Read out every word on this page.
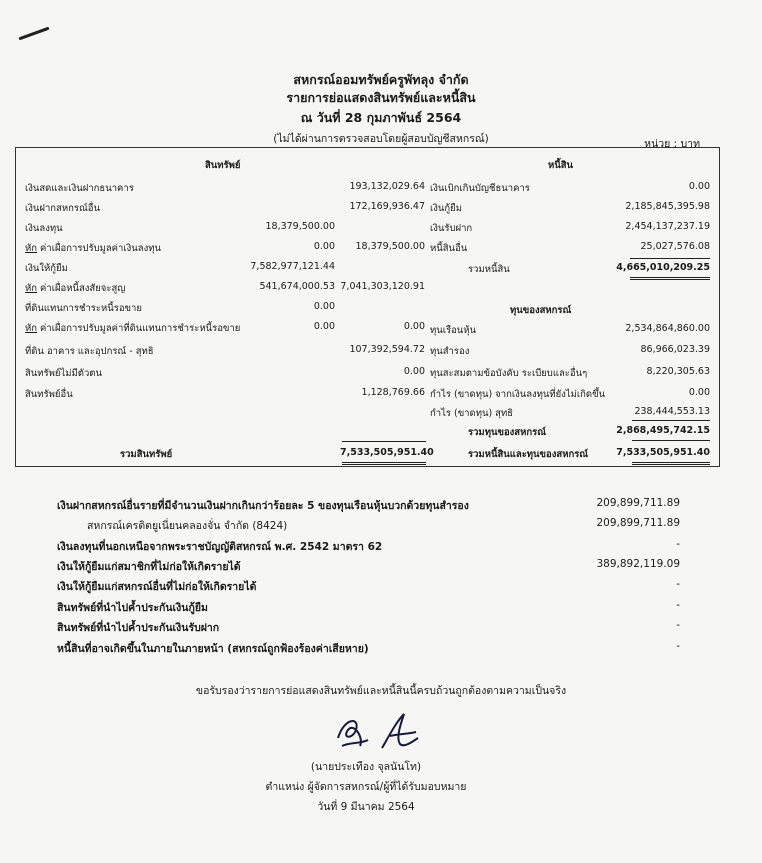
สหกรณ์ออมทรัพย์ครูพัทลุง จำกัด
รายการย่อแสดงสินทรัพย์และหนี้สิน
ณ วันที่ 28 กุมภาพันธ์ 2564
(ไม่ได้ผ่านการตรวจสอบโดยผู้สอบบัญชีสหกรณ์)	หน่วย : บาท
สินทรัพย์	หนี้สิน
เงินสดและเงินฝากธนาคาร	193,132,029.64
เงินฝากสหกรณ์อื่น	172,169,936.47
เงินลงทุน	18,379,500.00
หัก ค่าเผื่อการปรับมูลค่าเงินลงทุน	0.00	18,379,500.00
เงินให้กู้ยืม	7,582,977,121.44
หัก ค่าเผื่อหนี้สงสัยจะสูญ	541,674,000.53 7,041,303,120.91
ที่ดินแทนการชำระหนี้รอขาย	0.00
หัก ค่าเผื่อการปรับมูลค่าที่ดินแทนการชำระหนี้รอขาย	0.00	0.00
ที่ดิน อาคาร และอุปกรณ์ - สุทธิ	107,392,594.72
สินทรัพย์ไม่มีตัวตน	0.00
สินทรัพย์อื่น	1,128,769.66
รวมสินทรัพย์	7,533,505,951.40
เงินเบิกเกินบัญชีธนาคาร	0.00
เงินกู้ยืม	2,185,845,395.98
เงินรับฝาก	2,454,137,237.19
หนี้สินอื่น	25,027,576.08
รวมหนี้สิน	4,665,010,209.25
ทุนของสหกรณ์
ทุนเรือนหุ้น	2,534,864,860.00
ทุนสำรอง	86,966,023.39
ทุนสะสมตามข้อบังคับ ระเบียบและอื่นๆ	8,220,305.63
กำไร (ขาดทุน) จากเงินลงทุนที่ยังไม่เกิดขึ้น	0.00
กำไร (ขาดทุน) สุทธิ	238,444,553.13
รวมทุนของสหกรณ์	2,868,495,742.15
รวมหนี้สินและทุนของสหกรณ์	7,533,505,951.40
เงินฝากสหกรณ์อื่นรายที่มีจำนวนเงินฝากเกินกว่าร้อยละ 5 ของทุนเรือนหุ้นบวกด้วยทุนสำรอง	209,899,711.89
สหกรณ์เครดิตยูเนี่ยนคลองจั่น จำกัด (8424)	209,899,711.89
เงินลงทุนที่นอกเหนือจากพระราชบัญญัติสหกรณ์ พ.ศ. 2542 มาตรา 62	-
เงินให้กู้ยืมแก่สมาชิกที่ไม่ก่อให้เกิดรายได้	389,892,119.09
เงินให้กู้ยืมแก่สหกรณ์อื่นที่ไม่ก่อให้เกิดรายได้	-
สินทรัพย์ที่นำไปค้ำประกันเงินกู้ยืม	-
สินทรัพย์ที่นำไปค้ำประกันเงินรับฝาก	-
หนี้สินที่อาจเกิดขึ้นในภายในภายหน้า (สหกรณ์ถูกฟ้องร้องค่าเสียหาย)	-
ขอรับรองว่ารายการย่อแสดงสินทรัพย์และหนี้สินนี้ครบถ้วนถูกต้องตามความเป็นจริง
(นายประเทือง จุลนันโท)
ตำแหน่ง ผู้จัดการสหกรณ์/ผู้ที่ได้รับมอบหมาย
วันที่ 9 มีนาคม 2564
